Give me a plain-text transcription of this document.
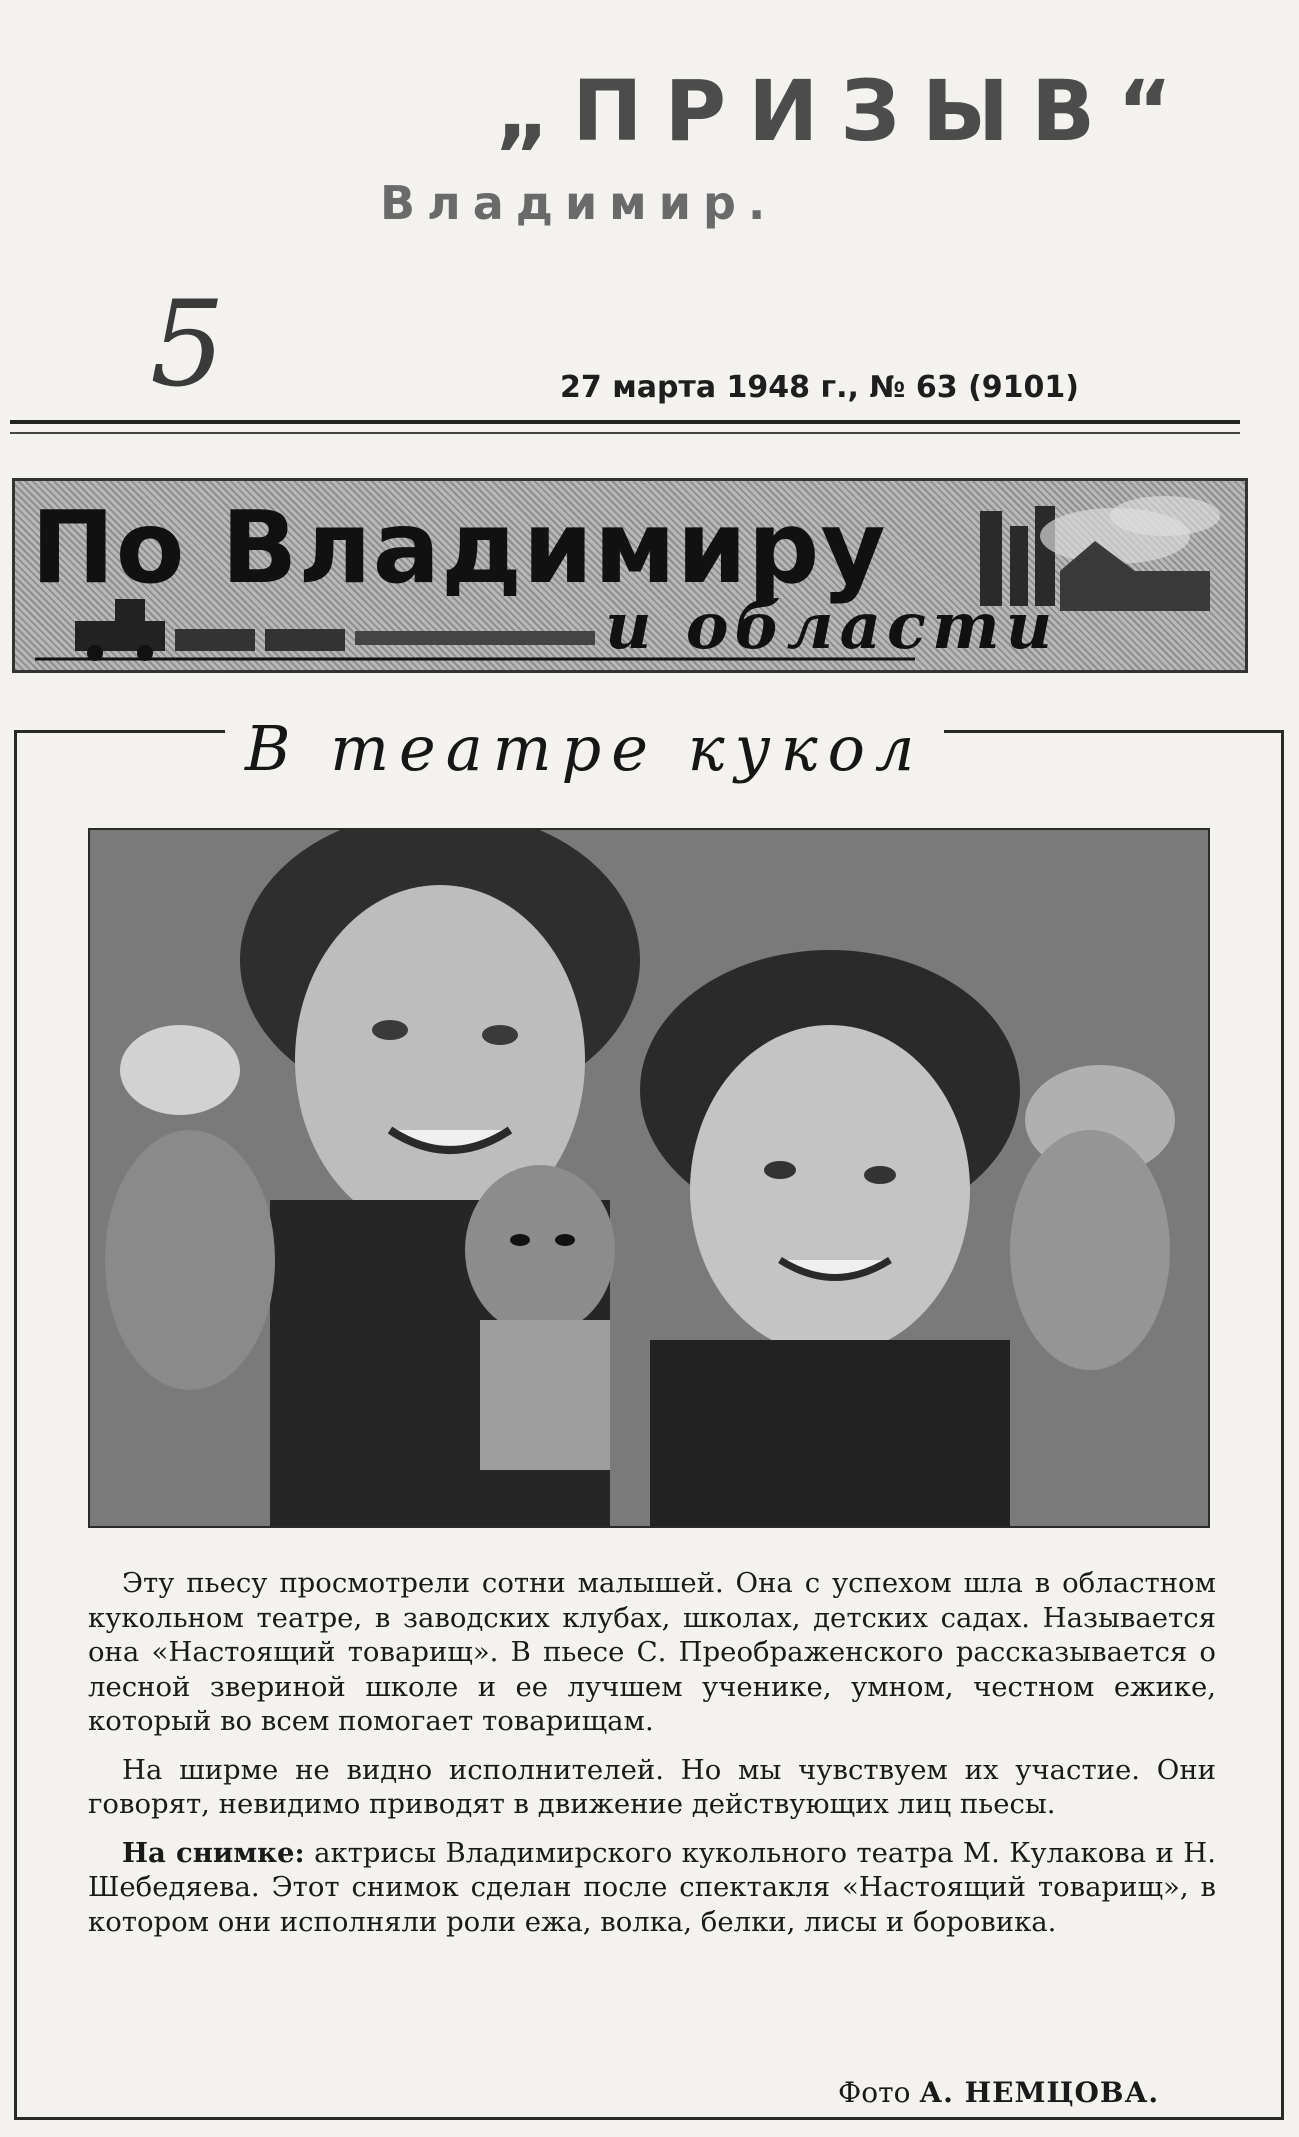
„ПРИЗЫВ“
Владимир.
5	27 марта 1948 г., № 63 (9101)
По Владимиру
и области
В театре кукол

Эту пьесу просмотрели сотни малышей. Она с успехом шла в областном кукольном театре, в заводских клубах, школах, детских садах. Называется она «Настоящий товарищ». В пьесе С. Преображенского рассказывается о лесной звериной школе и ее лучшем ученике, умном, честном ежике, который во всем помогает товарищам.

На ширме не видно исполнителей. Но мы чувствуем их участие. Они говорят, невидимо приводят в движение действующих лиц пьесы.

На снимке: актрисы Владимирского кукольного театра М. Кулакова и Н. Шебедяева. Этот снимок сделан после спектакля «Настоящий товарищ», в котором они исполняли роли ежа, волка, белки, лисы и боровика.

Фото А. НЕМЦОВА.
